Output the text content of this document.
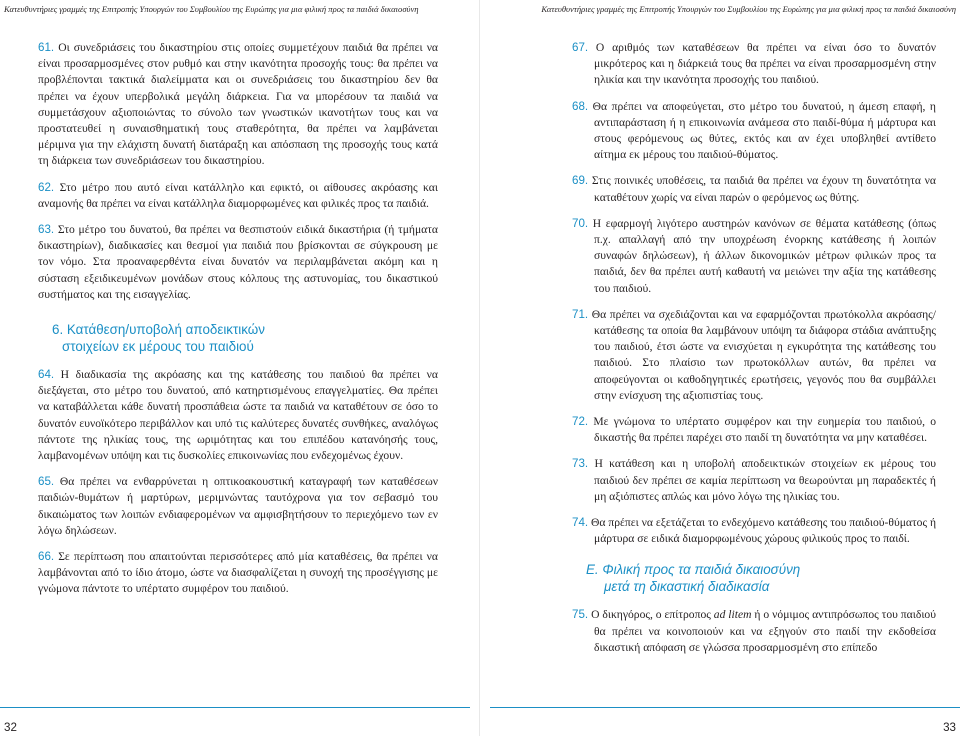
Κατευθυντήριες γραμμές της Επιτροπής Υπουργών του Συμβουλίου της Ευρώπης για μια φιλική προς τα παιδιά δικαιοσύνη

61. Οι συνεδριάσεις του δικαστηρίου στις οποίες συμμετέχουν παιδιά θα πρέπει να είναι προσαρμοσμένες στον ρυθμό και στην ικανότητα προσοχής τους: θα πρέπει να προβλέπονται τακτικά διαλείμματα και οι συνεδριάσεις του δικαστηρίου δεν θα πρέπει να έχουν υπερβολικά μεγάλη διάρκεια. Για να μπορέσουν τα παιδιά να συμμετάσχουν αξιοποιώντας το σύνολο των γνωστικών ικανοτήτων τους και να προστατευθεί η συναισθηματική τους σταθερότητα, θα πρέπει να λαμβάνεται μέριμνα για την ελάχιστη δυνατή διατάραξη και απόσπαση της προσοχής τους κατά τη διάρκεια των συνεδριάσεων του δικαστηρίου.

62. Στο μέτρο που αυτό είναι κατάλληλο και εφικτό, οι αίθουσες ακρόασης και αναμονής θα πρέπει να είναι κατάλληλα διαμορφωμένες και φιλικές προς τα παιδιά.

63. Στο μέτρο του δυνατού, θα πρέπει να θεσπιστούν ειδικά δικαστήρια (ή τμήματα δικαστηρίων), διαδικασίες και θεσμοί για παιδιά που βρίσκονται σε σύγκρουση με τον νόμο. Στα προαναφερθέντα είναι δυνατόν να περιλαμβάνεται ακόμη και η σύσταση εξειδικευμένων μονάδων στους κόλπους της αστυνομίας, του δικαστικού συστήματος και της εισαγγελίας.

6. Κατάθεση/υποβολή αποδεικτικών
στοιχείων εκ μέρους του παιδιού

64. Η διαδικασία της ακρόασης και της κατάθεσης του παιδιού θα πρέπει να διεξάγεται, στο μέτρο του δυνατού, από κατηρτισμένους επαγγελματίες. Θα πρέπει να καταβάλλεται κάθε δυνατή προσπάθεια ώστε τα παιδιά να καταθέτουν σε όσο το δυνατόν ευνοϊκότερο περιβάλλον και υπό τις καλύτερες δυνατές συνθήκες, αναλόγως πάντοτε της ηλικίας τους, της ωριμότητας και του επιπέδου κατανόησής τους, λαμβανομένων υπόψη και τις δυσκολίες επικοινωνίας που ενδεχομένως έχουν.

65. Θα πρέπει να ενθαρρύνεται η οπτικοακουστική καταγραφή των καταθέσεων παιδιών-θυμάτων ή μαρτύρων, μεριμνώντας ταυτόχρονα για τον σεβασμό του δικαιώματος των λοιπών ενδιαφερομένων να αμφισβητήσουν το περιεχόμενο των εν λόγω δηλώσεων.

66. Σε περίπτωση που απαιτούνται περισσότερες από μία καταθέσεις, θα πρέπει να λαμβάνονται από το ίδιο άτομο, ώστε να διασφαλίζεται η συνοχή της προσέγγισης με γνώμονα πάντοτε το υπέρτατο συμφέρον του παιδιού.

32
Κατευθυντήριες γραμμές της Επιτροπής Υπουργών του Συμβουλίου της Ευρώπης για μια φιλική προς τα παιδιά δικαιοσύνη

67. Ο αριθμός των καταθέσεων θα πρέπει να είναι όσο το δυνατόν μικρότερος και η διάρκειά τους θα πρέπει να είναι προσαρμοσμένη στην ηλικία και την ικανότητα προσοχής του παιδιού.

68. Θα πρέπει να αποφεύγεται, στο μέτρο του δυνατού, η άμεση επαφή, η αντιπαράσταση ή η επικοινωνία ανάμεσα στο παιδί-θύμα ή μάρτυρα και στους φερόμενους ως θύτες, εκτός και αν έχει υποβληθεί αντίθετο αίτημα εκ μέρους του παιδιού-θύματος.

69. Στις ποινικές υποθέσεις, τα παιδιά θα πρέπει να έχουν τη δυνατότητα να καταθέτουν χωρίς να είναι παρών ο φερόμενος ως θύτης.

70. Η εφαρμογή λιγότερο αυστηρών κανόνων σε θέματα κατάθεσης (όπως π.χ. απαλλαγή από την υποχρέωση ένορκης κατάθεσης ή λοιπών συναφών δηλώσεων), ή άλλων δικονομικών μέτρων φιλικών προς τα παιδιά, δεν θα πρέπει αυτή καθαυτή να μειώνει την αξία της κατάθεσης του παιδιού.

71. Θα πρέπει να σχεδιάζονται και να εφαρμόζονται πρωτόκολλα ακρόασης/κατάθεσης τα οποία θα λαμβάνουν υπόψη τα διάφορα στάδια ανάπτυξης του παιδιού, έτσι ώστε να ενισχύεται η εγκυρότητα της κατάθεσης του παιδιού. Στο πλαίσιο των πρωτοκόλλων αυτών, θα πρέπει να αποφεύγονται οι καθοδηγητικές ερωτήσεις, γεγονός που θα συμβάλλει στην ενίσχυση της αξιοπιστίας τους.

72. Με γνώμονα το υπέρτατο συμφέρον και την ευημερία του παιδιού, ο δικαστής θα πρέπει παρέχει στο παιδί τη δυνατότητα να μην καταθέσει.

73. Η κατάθεση και η υποβολή αποδεικτικών στοιχείων εκ μέρους του παιδιού δεν πρέπει σε καμία περίπτωση να θεωρούνται μη παραδεκτές ή μη αξιόπιστες απλώς και μόνο λόγω της ηλικίας του.

74. Θα πρέπει να εξετάζεται το ενδεχόμενο κατάθεσης του παιδιού-θύματος ή μάρτυρα σε ειδικά διαμορφωμένους χώρους φιλικούς προς το παιδί.

Ε. Φιλική προς τα παιδιά δικαιοσύνη
μετά τη δικαστική διαδικασία

75. Ο δικηγόρος, ο επίτροπος ad litem ή ο νόμιμος αντιπρόσωπος του παιδιού θα πρέπει να κοινοποιούν και να εξηγούν στο παιδί την εκδοθείσα δικαστική απόφαση σε γλώσσα προσαρμοσμένη στο επίπεδο

33
